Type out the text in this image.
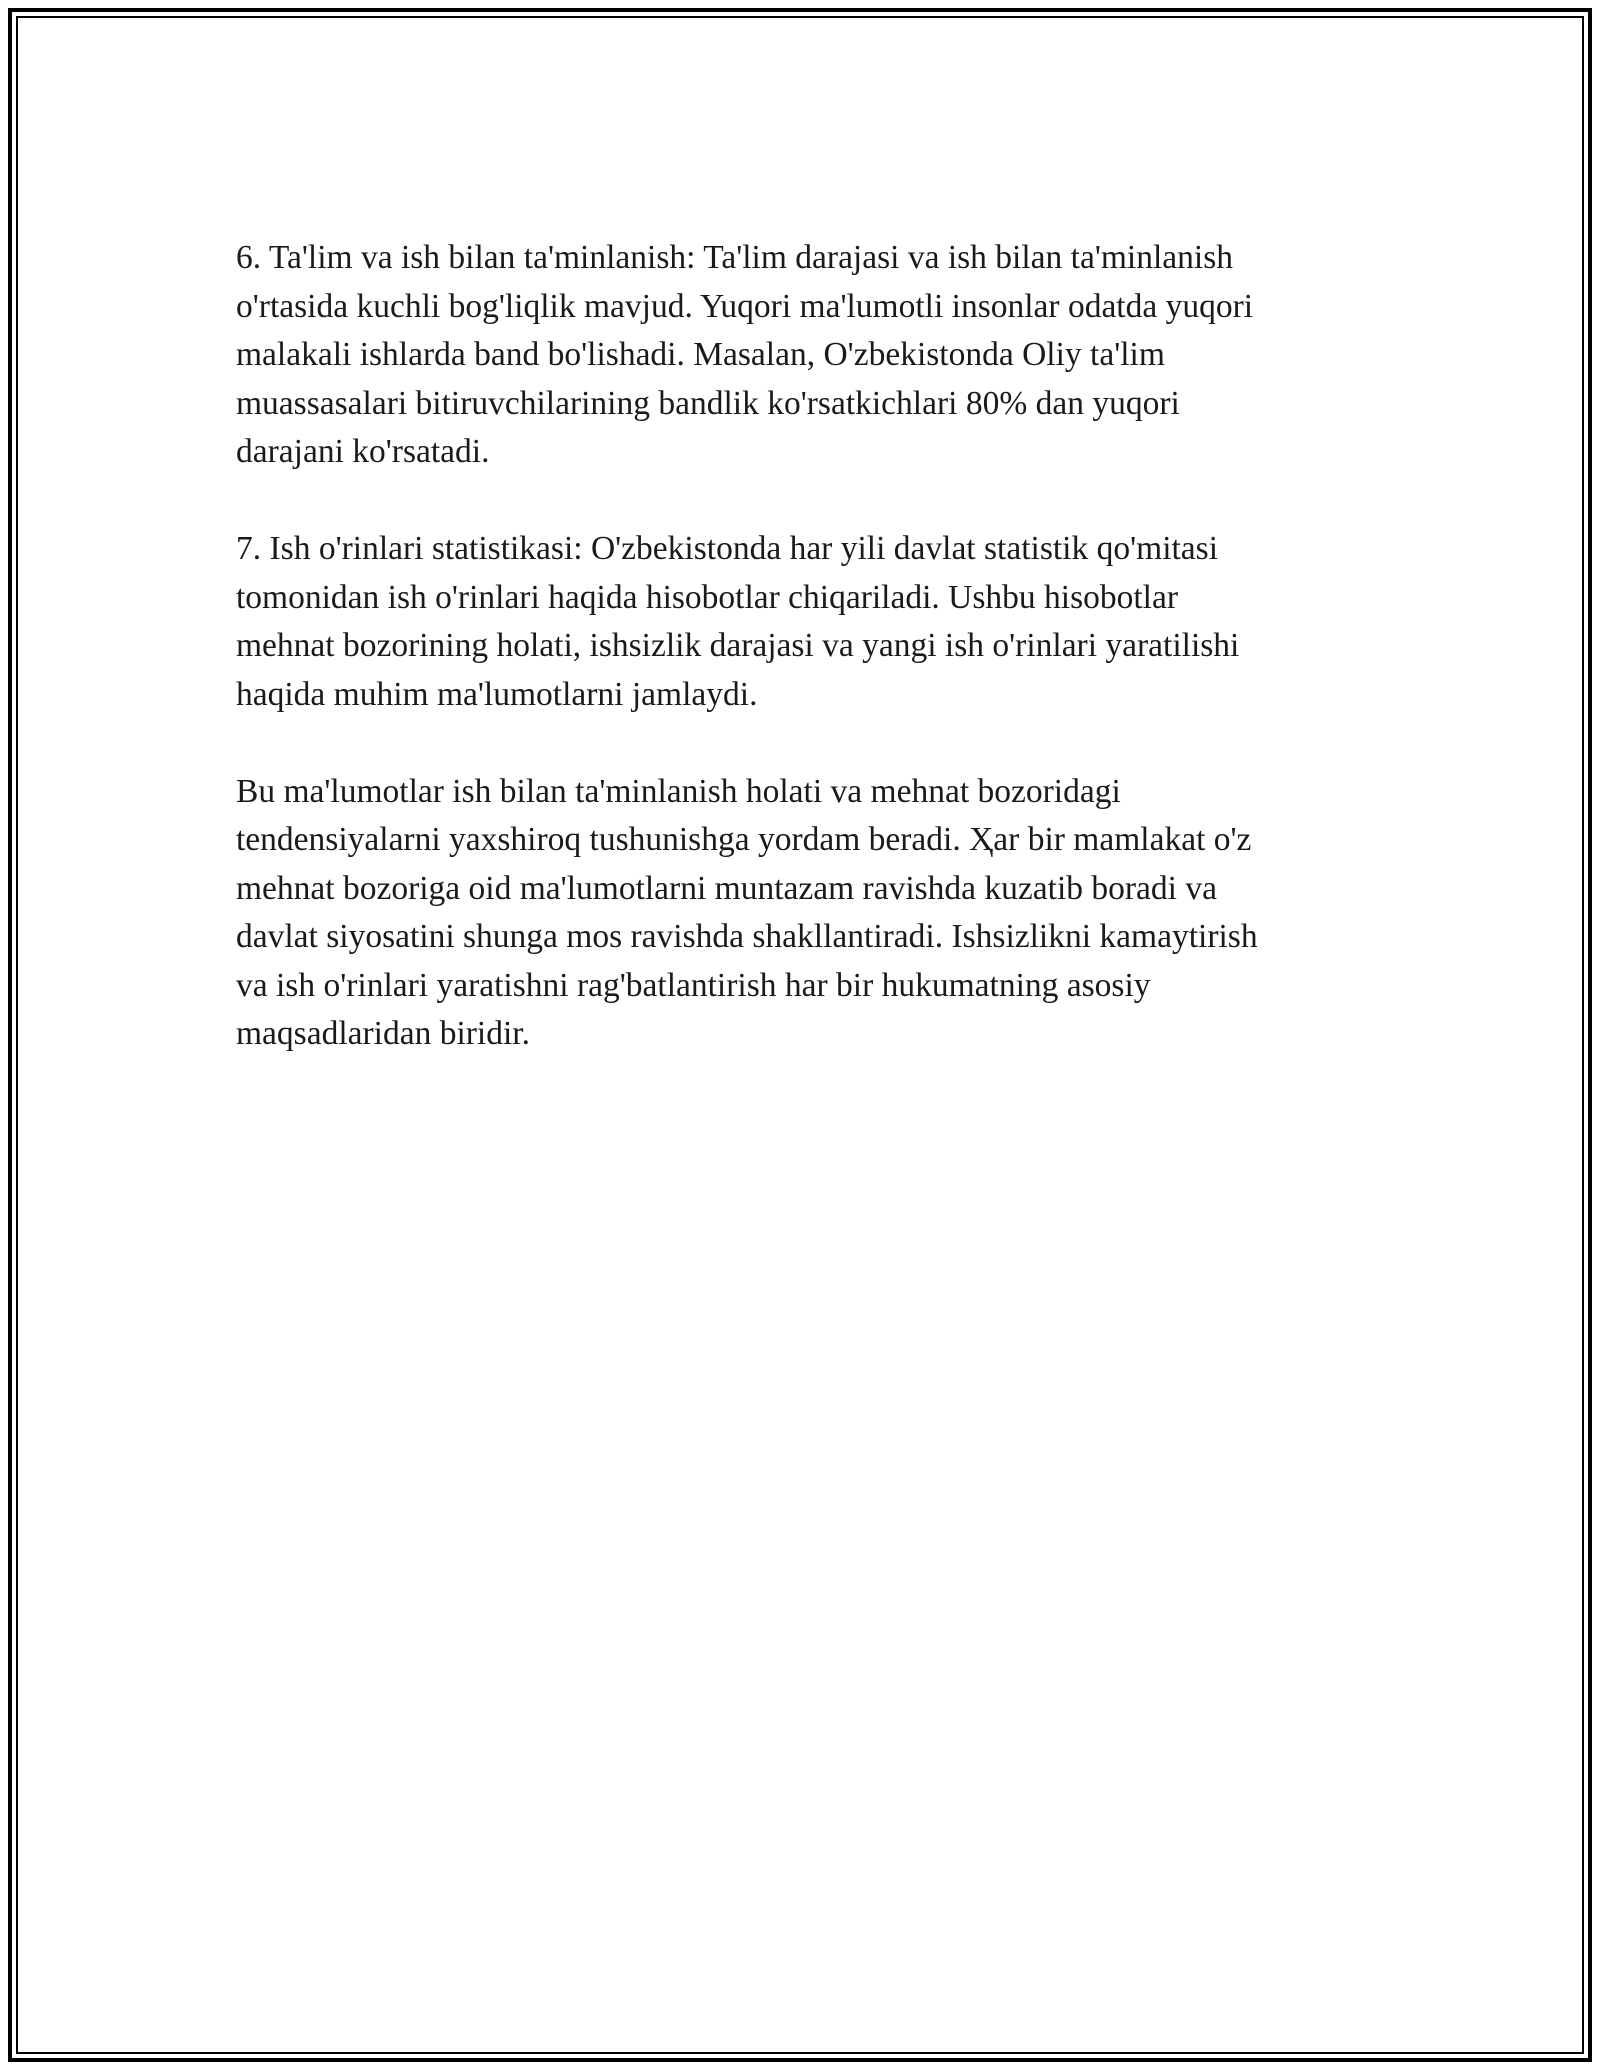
6. Ta'lim va ish bilan ta'minlanish: Ta'lim darajasi va ish bilan ta'minlanish
o'rtasida kuchli bog'liqlik mavjud. Yuqori ma'lumotli insonlar odatda yuqori
malakali ishlarda band bo'lishadi. Masalan, O'zbekistonda Oliy ta'lim
muassasalari bitiruvchilarining bandlik ko'rsatkichlari 80% dan yuqori
darajani ko'rsatadi.

7. Ish o'rinlari statistikasi: O'zbekistonda har yili davlat statistik qo'mitasi
tomonidan ish o'rinlari haqida hisobotlar chiqariladi. Ushbu hisobotlar
mehnat bozorining holati, ishsizlik darajasi va yangi ish o'rinlari yaratilishi
haqida muhim ma'lumotlarni jamlaydi.

Bu ma'lumotlar ish bilan ta'minlanish holati va mehnat bozoridagi
tendensiyalarni yaxshiroq tushunishga yordam beradi. Ҳar bir mamlakat o'z
mehnat bozoriga oid ma'lumotlarni muntazam ravishda kuzatib boradi va
davlat siyosatini shunga mos ravishda shakllantiradi. Ishsizlikni kamaytirish
va ish o'rinlari yaratishni rag'batlantirish har bir hukumatning asosiy
maqsadlaridan biridir.
